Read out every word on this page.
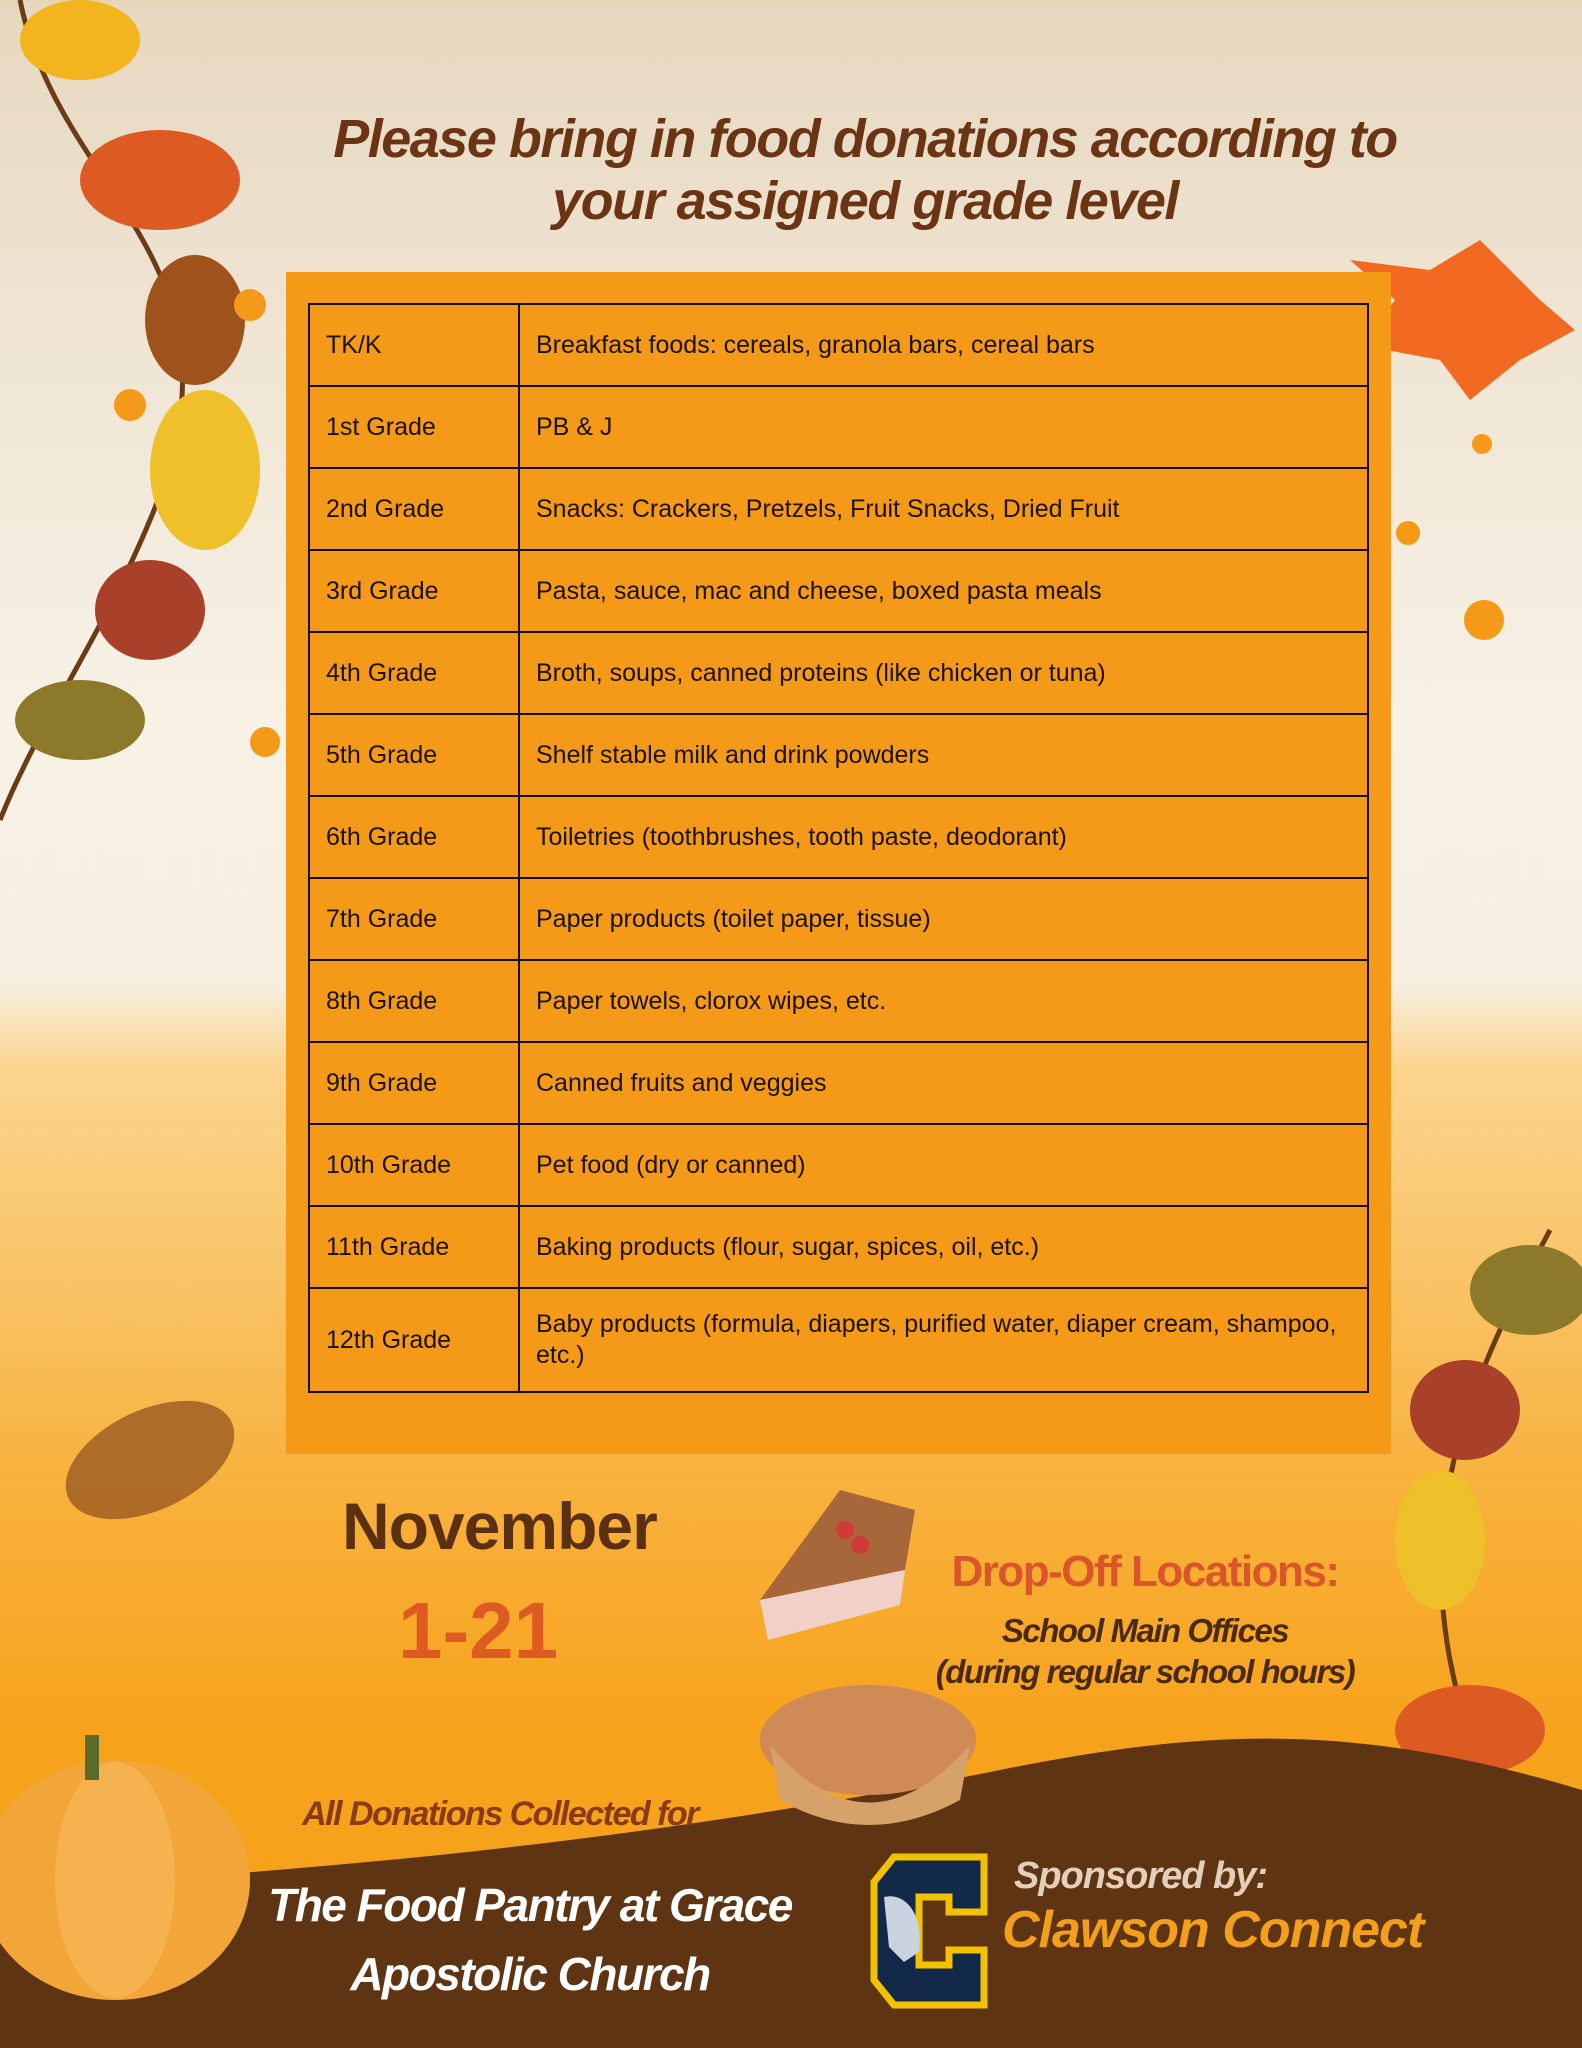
Please bring in food donations according to
your assigned grade level
TK/K	Breakfast foods: cereals, granola bars, cereal bars
1st Grade	PB & J
2nd Grade	Snacks: Crackers, Pretzels, Fruit Snacks, Dried Fruit
3rd Grade	Pasta, sauce, mac and cheese, boxed pasta meals
4th Grade	Broth, soups, canned proteins (like chicken or tuna)
5th Grade	Shelf stable milk and drink powders
6th Grade	Toiletries (toothbrushes, tooth paste, deodorant)
7th Grade	Paper products (toilet paper, tissue)
8th Grade	Paper towels, clorox wipes, etc.
9th Grade	Canned fruits and veggies
10th Grade	Pet food (dry or canned)
11th Grade	Baking products (flour, sugar, spices, oil, etc.)
12th Grade	Baby products (formula, diapers, purified water, diaper cream, shampoo, etc.)
November
1-21
Drop-Off Locations:
School Main Offices
(during regular school hours)
All Donations Collected for
The Food Pantry at Grace
Apostolic Church
Sponsored by:
Clawson Connect
